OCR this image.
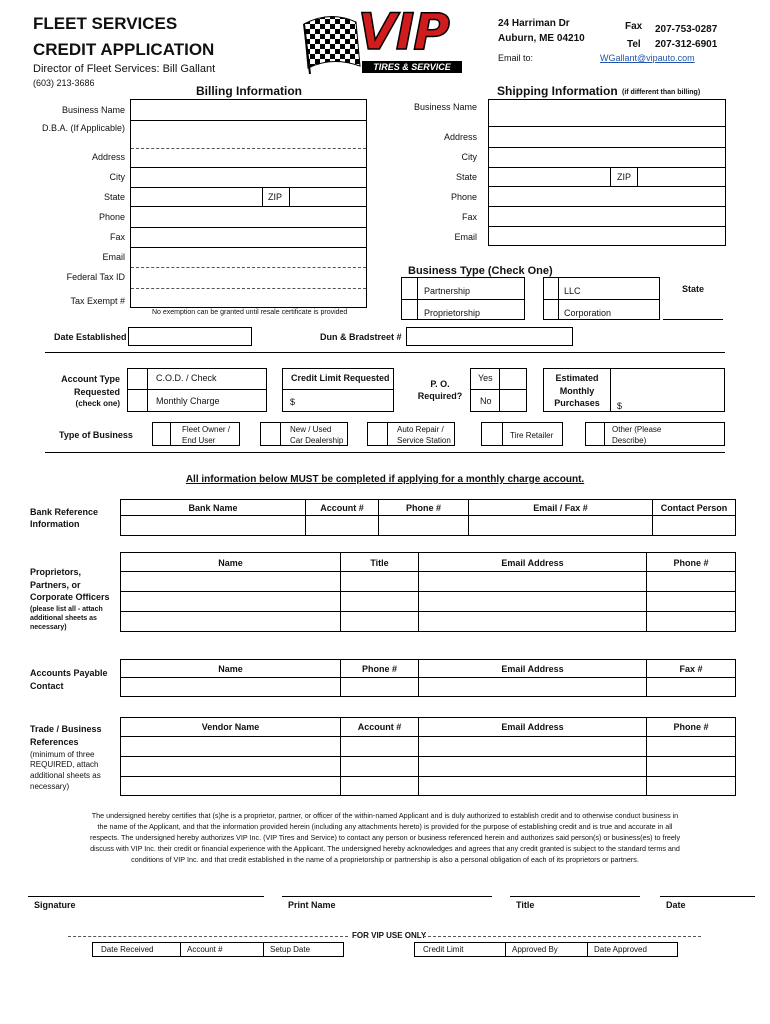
FLEET SERVICES
CREDIT APPLICATION
Director of Fleet Services: Bill Gallant
(603) 213-3686
VIP
TIRES & SERVICE
24 Harriman Dr
Auburn, ME 04210
Email to:
Fax 207-753-0287
Tel 207-312-6901
WGallant@vipauto.com
Billing Information
Business Name
D.B.A. (If Applicable)
Address
City
State	ZIP
Phone
Fax
Email
Federal Tax ID
Tax Exempt #
No exemption can be granted until resale certificate is provided
Shipping Information (if different than billing)
Business Name
Address
City
State	ZIP
Phone
Fax
Email
Business Type (Check One)
Partnership
Proprietorship
LLC
Corporation
State
Date Established	Dun & Bradstreet #
Account Type
Requested
(check one)
C.O.D. / Check
Monthly Charge
Credit Limit Requested
$
P. O.
Required?
Yes
No
Estimated
Monthly
Purchases	$
Type of Business
Fleet Owner /
End User
New / Used
Car Dealership
Auto Repair /
Service Station
Tire Retailer
Other (Please
Describe)
All information below MUST be completed if applying for a monthly charge account.
Bank Reference
Information
Bank Name	Account #	Phone #	Email / Fax #	Contact Person
Proprietors,
Partners, or
Corporate Officers
(please list all - attach
additional sheets as
necessary)
Name	Title	Email Address	Phone #
Accounts Payable
Contact
Name	Phone #	Email Address	Fax #
Trade / Business
References
(minimum of three
REQUIRED, attach
additional sheets as
necessary)
Vendor Name	Account #	Email Address	Phone #
The undersigned hereby certifies that (s)he is a proprietor, partner, or officer of the within-named Applicant and is duly authorized to establish credit and to otherwise conduct business in
the name of the Applicant, and that the information provided herein (including any attachments hereto) is provided for the purpose of establishing credit and is true and accurate in all
respects. The undersigned hereby authorizes VIP Inc. (VIP Tires and Service) to contact any person or business referenced herein and authorizes said person(s) or business(es) to freely
discuss with VIP Inc. their credit or financial experience with the Applicant. The undersigned hereby acknowledges and agrees that any credit granted is subject to the standard terms and
conditions of VIP Inc. and that credit established in the name of a proprietorship or partnership is also a personal obligation of each of its proprietors or partners.
Signature	Print Name	Title	Date
FOR VIP USE ONLY
Date Received	Account #	Setup Date	Credit Limit	Approved By	Date Approved
